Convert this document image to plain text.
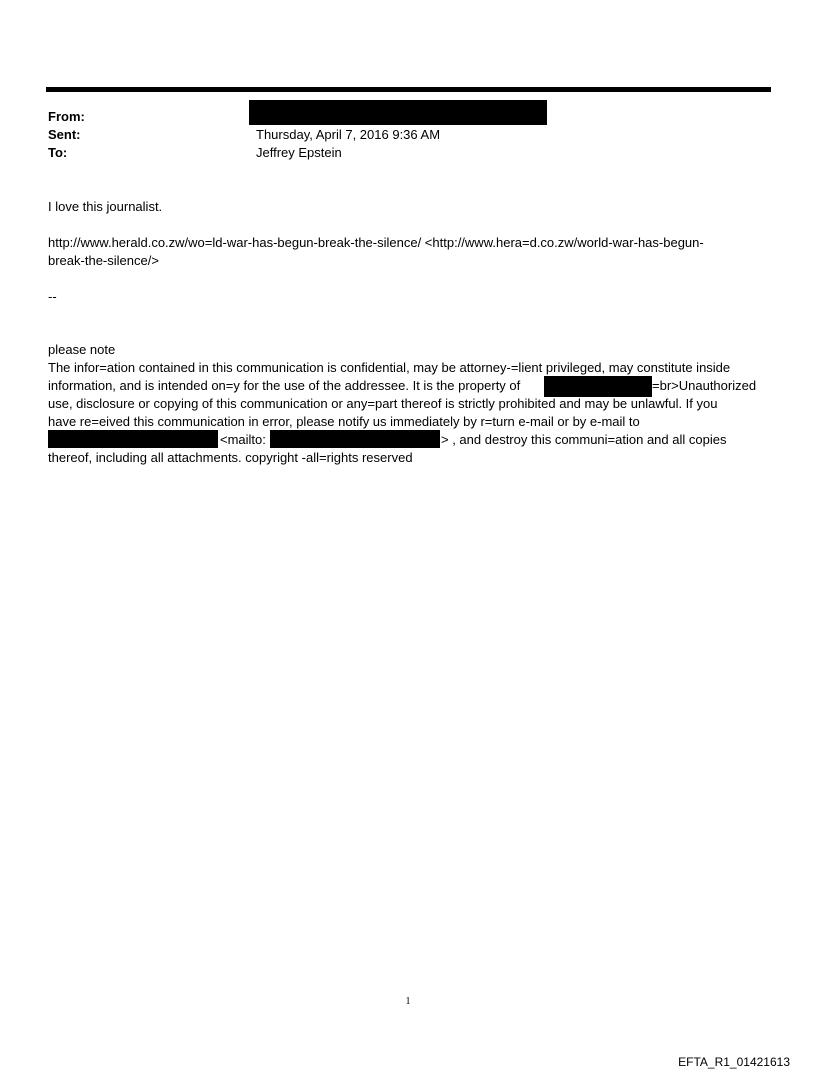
From:
Sent:	Thursday, April 7, 2016 9:36 AM
To:	Jeffrey Epstein
I love this journalist.
http://www.herald.co.zw/wo=ld-war-has-begun-break-the-silence/ <http://www.hera=d.co.zw/world-war-has-begun-
break-the-silence/>
--
please note
The infor=ation contained in this communication is confidential, may be attorney-=lient privileged, may constitute inside
information, and is intended on=y for the use of the addressee. It is the property of	=br>Unauthorized
use, disclosure or copying of this communication or any=part thereof is strictly prohibited and may be unlawful. If you
have re=eived this communication in error, please notify us immediately by r=turn e-mail or by e-mail to
<mailto:	> , and destroy this communi=ation and all copies
thereof, including all attachments. copyright -all=rights reserved
1
EFTA_R1_01421613
